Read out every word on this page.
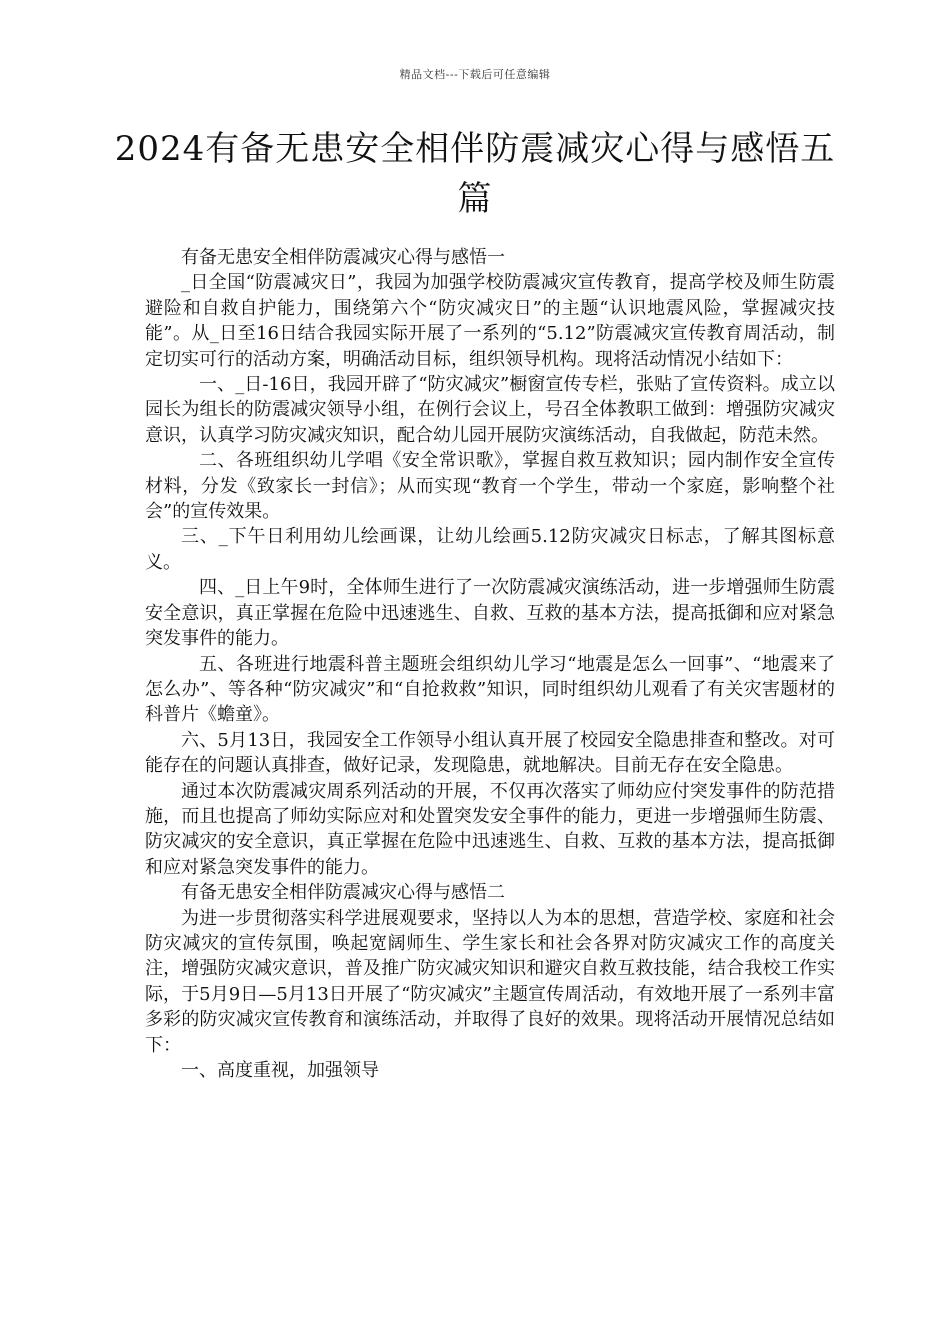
精品文档---下载后可任意编辑
2024有备无患安全相伴防震减灾心得与感悟五篇

有备无患安全相伴防震减灾心得与感悟一

_日全国“防震减灾日”，我园为加强学校防震减灾宣传教育，提高学校及师生防震避险和自救自护能力，围绕第六个“防灾减灾日”的主题“认识地震风险，掌握减灾技能”。从_日至16日结合我园实际开展了一系列的“5.12”防震减灾宣传教育周活动，制定切实可行的活动方案，明确活动目标，组织领导机构。现将活动情况小结如下：

一、_日-16日，我园开辟了“防灾减灾”橱窗宣传专栏，张贴了宣传资料。成立以园长为组长的防震减灾领导小组，在例行会议上，号召全体教职工做到：增强防灾减灾意识，认真学习防灾减灾知识，配合幼儿园开展防灾演练活动，自我做起，防范未然。

二、各班组织幼儿学唱《安全常识歌》，掌握自救互救知识；园内制作安全宣传材料，分发《致家长一封信》；从而实现“教育一个学生，带动一个家庭，影响整个社会”的宣传效果。

三、_下午日利用幼儿绘画课，让幼儿绘画5.12防灾减灾日标志，了解其图标意义。

四、_日上午9时，全体师生进行了一次防震减灾演练活动，进一步增强师生防震安全意识，真正掌握在危险中迅速逃生、自救、互救的基本方法，提高抵御和应对紧急突发事件的能力。

五、各班进行地震科普主题班会组织幼儿学习“地震是怎么一回事”、“地震来了怎么办”、等各种“防灾减灾”和“自抢救救”知识，同时组织幼儿观看了有关灾害题材的科普片《蟾童》。

六、5月13日，我园安全工作领导小组认真开展了校园安全隐患排查和整改。对可能存在的问题认真排查，做好记录，发现隐患，就地解决。目前无存在安全隐患。

通过本次防震减灾周系列活动的开展，不仅再次落实了师幼应付突发事件的防范措施，而且也提高了师幼实际应对和处置突发安全事件的能力，更进一步增强师生防震、防灾减灾的安全意识，真正掌握在危险中迅速逃生、自救、互救的基本方法，提高抵御和应对紧急突发事件的能力。

有备无患安全相伴防震减灾心得与感悟二

为进一步贯彻落实科学进展观要求，坚持以人为本的思想，营造学校、家庭和社会防灾减灾的宣传氛围，唤起宽阔师生、学生家长和社会各界对防灾减灾工作的高度关注，增强防灾减灾意识，普及推广防灾减灾知识和避灾自救互救技能，结合我校工作实际，于5月9日—5月13日开展了“防灾减灾”主题宣传周活动，有效地开展了一系列丰富多彩的防灾减灾宣传教育和演练活动，并取得了良好的效果。现将活动开展情况总结如下：

一、高度重视，加强领导
